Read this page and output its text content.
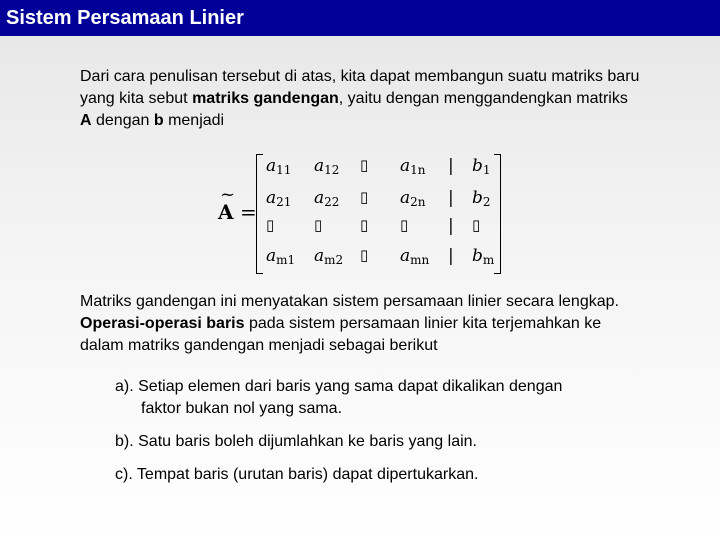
Sistem Persamaan Linier
Dari cara penulisan tersebut di atas, kita dapat membangun suatu matriks baru yang kita sebut matriks gandengan, yaitu dengan menggandengkan matriks A dengan b menjadi
~
A =
$a_{11}$ $a_{12}$ ▯ $a_{1n}$	$b_1$
|
$a_{21}$ $a_{22}$ ▯ $a_{2n}$	$b_2$
|
▯	▯	▯ ▯	▯
|
$a_{m1}$ $a_{m2}$ ▯ $a_{mn}$	$b_m$
|
Matriks gandengan ini menyatakan sistem persamaan linier secara lengkap. Operasi-operasi baris pada sistem persamaan linier kita terjemahkan ke dalam matriks gandengan menjadi sebagai berikut
a). Setiap elemen dari baris yang sama dapat dikalikan dengan
faktor bukan nol yang sama.
b). Satu baris boleh dijumlahkan ke baris yang lain.
c). Tempat baris (urutan baris) dapat dipertukarkan.
